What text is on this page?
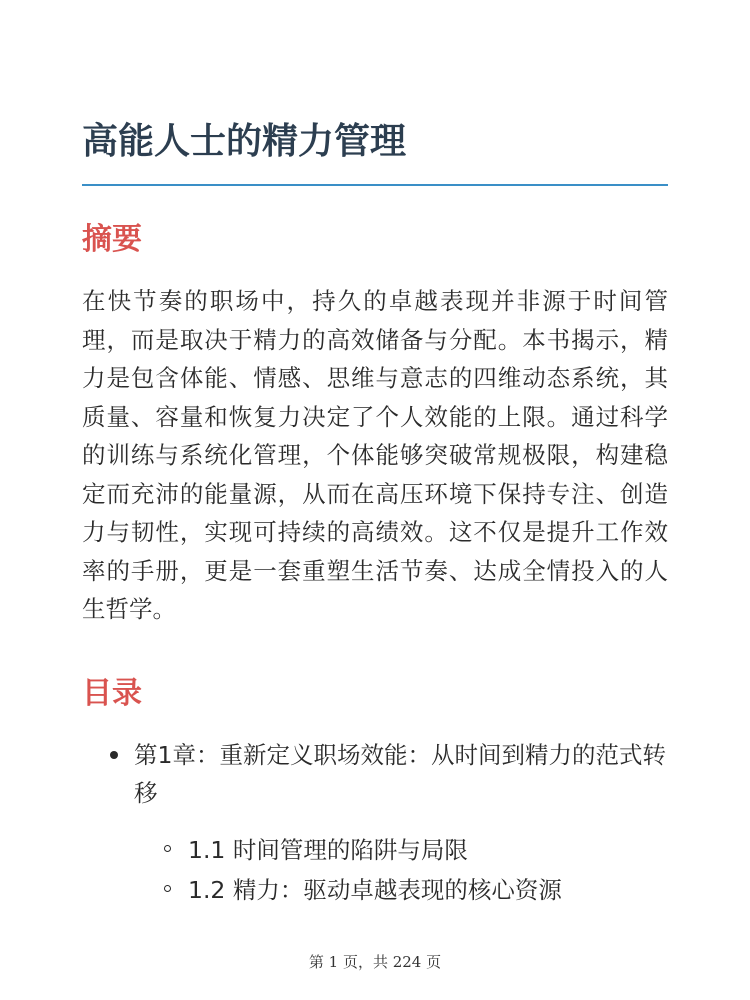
高能人士的精力管理
摘要

在快节奏的职场中，持久的卓越表现并非源于时间管理，而是取决于精力的高效储备与分配。本书揭示，精力是包含体能、情感、思维与意志的四维动态系统，其质量、容量和恢复力决定了个人效能的上限。通过科学的训练与系统化管理，个体能够突破常规极限，构建稳定而充沛的能量源，从而在高压环境下保持专注、创造力与韧性，实现可持续的高绩效。这不仅是提升工作效率的手册，更是一套重塑生活节奏、达成全情投入的人生哲学。

目录
第1章：重新定义职场效能：从时间到精力的范式转移
1.1 时间管理的陷阱与局限
1.2 精力：驱动卓越表现的核心资源
第 1 页，共 224 页
